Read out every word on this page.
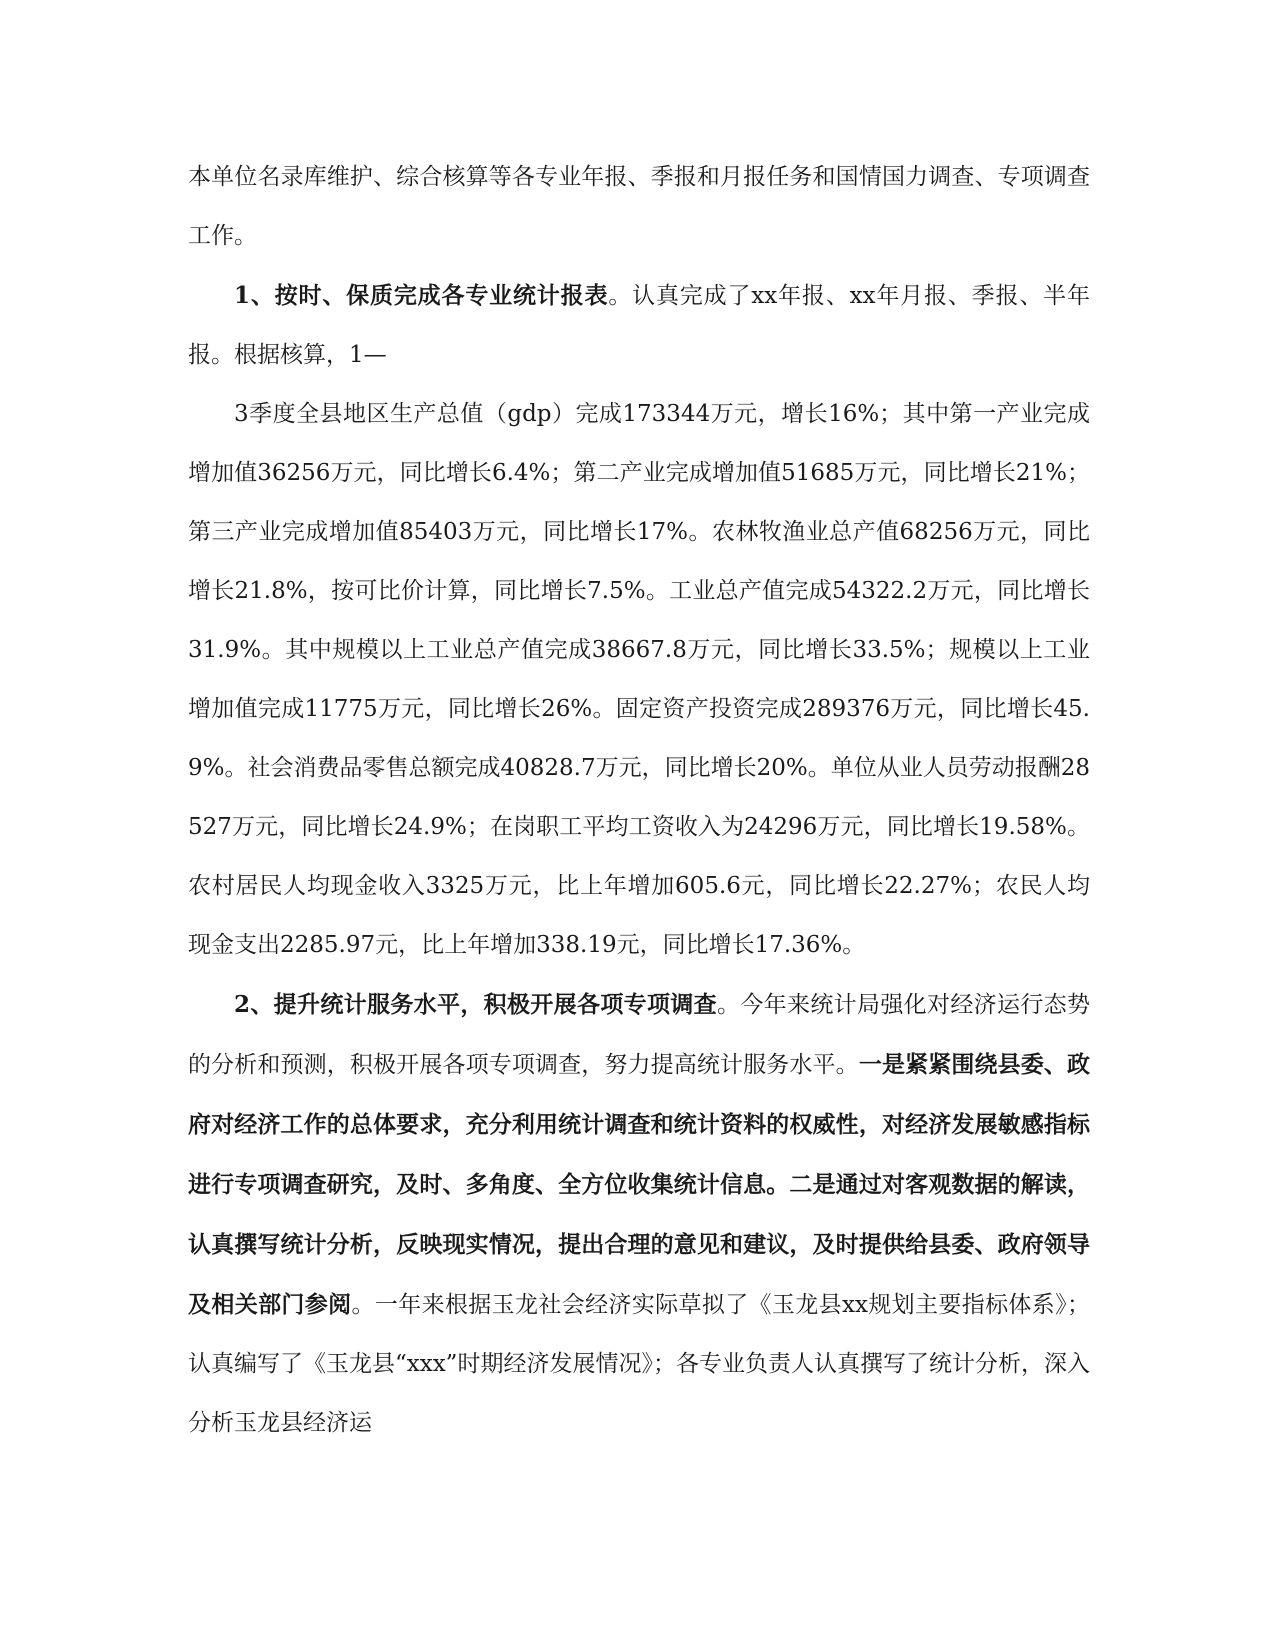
本单位名录库维护、综合核算等各专业年报、季报和月报任务和国情国力调查、专项调查工作。

1、按时、保质完成各专业统计报表。认真完成了xx年报、xx年月报、季报、半年报。根据核算，1—
3季度全县地区生产总值（gdp）完成173344万元，增长16%；其中第一产业完成增加值36256万元，同比增长6.4%；第二产业完成增加值51685万元，同比增长21%；第三产业完成增加值85403万元，同比增长17%。农林牧渔业总产值68256万元，同比增长21.8%，按可比价计算，同比增长7.5%。工业总产值完成54322.2万元，同比增长31.9%。其中规模以上工业总产值完成38667.8万元，同比增长33.5%；规模以上工业增加值完成11775万元，同比增长26%。固定资产投资完成289376万元，同比增长45.9%。社会消费品零售总额完成40828.7万元，同比增长20%。单位从业人员劳动报酬28527万元，同比增长24.9%；在岗职工平均工资收入为24296万元，同比增长19.58%。农村居民人均现金收入3325万元，比上年增加605.6元，同比增长22.27%；农民人均现金支出2285.97元，比上年增加338.19元，同比增长17.36%。

2、提升统计服务水平，积极开展各项专项调查。今年来统计局强化对经济运行态势的分析和预测，积极开展各项专项调查，努力提高统计服务水平。一是紧紧围绕县委、政府对经济工作的总体要求，充分利用统计调查和统计资料的权威性，对经济发展敏感指标进行专项调查研究，及时、多角度、全方位收集统计信息。二是通过对客观数据的解读，认真撰写统计分析，反映现实情况，提出合理的意见和建议，及时提供给县委、政府领导及相关部门参阅。一年来根据玉龙社会经济实际草拟了《玉龙县xx规划主要指标体系》；认真编写了《玉龙县“xxx”时期经济发展情况》；各专业负责人认真撰写了统计分析，深入分析玉龙县经济运
